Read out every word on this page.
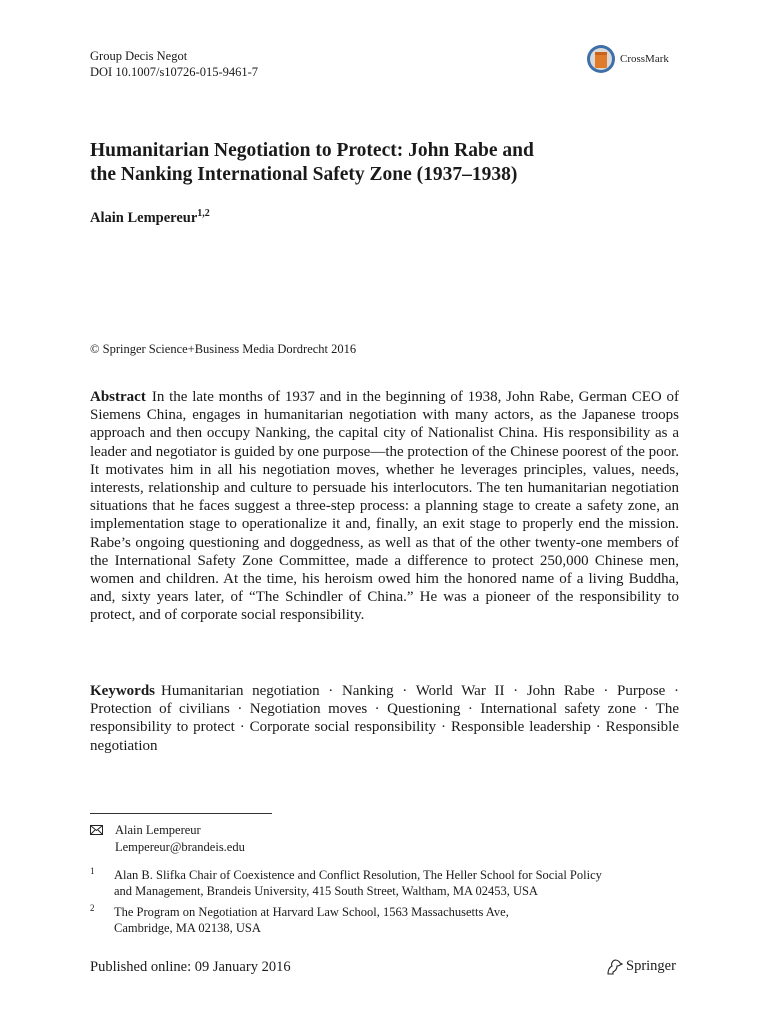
Group Decis Negot
DOI 10.1007/s10726-015-9461-7
CrossMark
Humanitarian Negotiation to Protect: John Rabe and
the Nanking International Safety Zone (1937–1938)
Alain Lempereur$^{1,2}$
© Springer Science+Business Media Dordrecht 2016

Abstract In the late months of 1937 and in the beginning of 1938, John Rabe, German CEO of Siemens China, engages in humanitarian negotiation with many actors, as the Japanese troops approach and then occupy Nanking, the capital city of Nationalist China. His responsibility as a leader and negotiator is guided by one purpose—the protection of the Chinese poorest of the poor. It motivates him in all his negotiation moves, whether he leverages principles, values, needs, interests, relationship and culture to persuade his interlocutors. The ten humanitarian negotiation situations that he faces suggest a three-step process: a planning stage to create a safety zone, an implementation stage to operationalize it and, finally, an exit stage to properly end the mission. Rabe’s ongoing questioning and doggedness, as well as that of the other twenty-one members of the International Safety Zone Committee, made a difference to protect 250,000 Chinese men, women and children. At the time, his heroism owed him the honored name of a living Buddha, and, sixty years later, of “The Schindler of China.” He was a pioneer of the responsibility to protect, and of corporate social responsibility.

Keywords Humanitarian negotiation · Nanking · World War II · John Rabe · Purpose · Protection of civilians · Negotiation moves · Questioning · International safety zone · The responsibility to protect · Corporate social responsibility · Responsible leadership · Responsible negotiation

Alain Lempereur
Lempereur@brandeis.edu
1 Alan B. Slifka Chair of Coexistence and Conflict Resolution, The Heller School for Social Policy
and Management, Brandeis University, 415 South Street, Waltham, MA 02453, USA
2 The Program on Negotiation at Harvard Law School, 1563 Massachusetts Ave,
Cambridge, MA 02138, USA
Published online: 09 January 2016	Springer
